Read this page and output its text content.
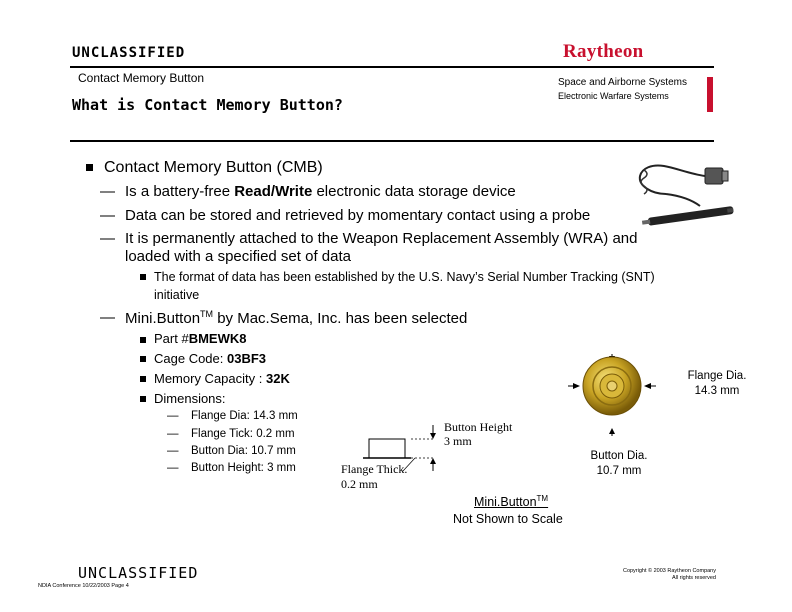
UNCLASSIFIED	Raytheon
Contact Memory Button	Space and Airborne Systems
Electronic Warfare Systems
What is Contact Memory Button?
Contact Memory Button (CMB)
— Is a battery-free Read/Write electronic data storage device
— Data can be stored and retrieved by momentary contact using a probe
— It is permanently attached to the Weapon Replacement Assembly (WRA) and
loaded with a specified set of data
The format of data has been established by the U.S. Navy’s Serial Number Tracking (SNT)
initiative
— Mini.Button™ by Mac.Sema, Inc. has been selected
Part #BMEWK8
Cage Code: 03BF3
Memory Capacity : 32K
Dimensions:
— Flange Dia: 14.3 mm
— Flange Tick: 0.2 mm
— Button Dia: 10.7 mm
— Button Height: 3 mm
Flange Dia.
14.3 mm
Button Height
3 mm
Button Dia.
10.7 mm
Flange Thick.
0.2 mm
Mini.Button™
Not Shown to Scale
UNCLASSIFIED
NDIA Conference 10/22/2003 Page 4
Copyright © 2003 Raytheon Company
All rights reserved
